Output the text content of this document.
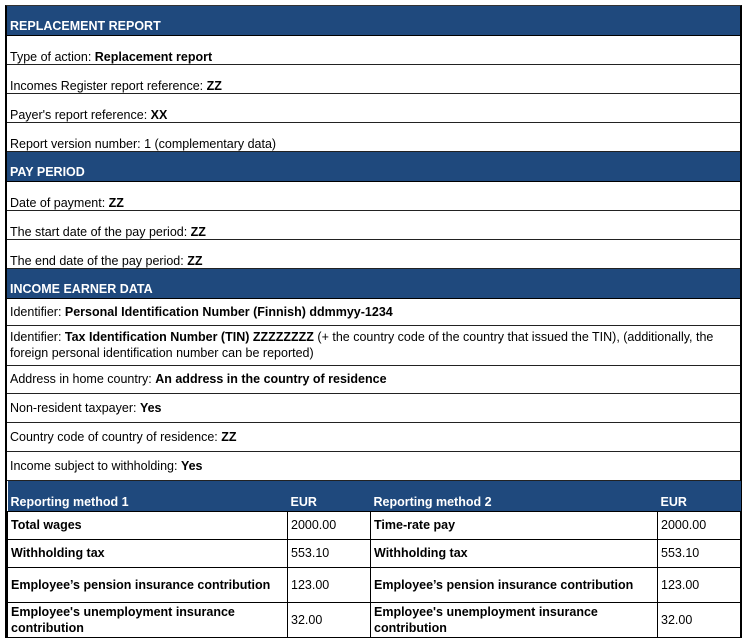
REPLACEMENT REPORT
Type of action: Replacement report
Incomes Register report reference: ZZ
Payer's report reference: XX
Report version number: 1 (complementary data)
PAY PERIOD
Date of payment: ZZ
The start date of the pay period: ZZ
The end date of the pay period: ZZ
INCOME EARNER DATA
Identifier: Personal Identification Number (Finnish) ddmmyy-1234
Identifier: Tax Identification Number (TIN) ZZZZZZZZ (+ the country code of the country that issued the TIN), (additionally, the foreign personal identification number can be reported)
Address in home country: An address in the country of residence
Non-resident taxpayer: Yes
Country code of country of residence: ZZ
Income subject to withholding: Yes
Reporting method 1	EUR	Reporting method 2	EUR
Total wages	2000.00	Time-rate pay	2000.00
Withholding tax	553.10	Withholding tax	553.10
Employee’s pension insurance contribution	123.00	Employee’s pension insurance contribution	123.00
Employee's unemployment insurance contribution	32.00	Employee's unemployment insurance contribution	32.00
